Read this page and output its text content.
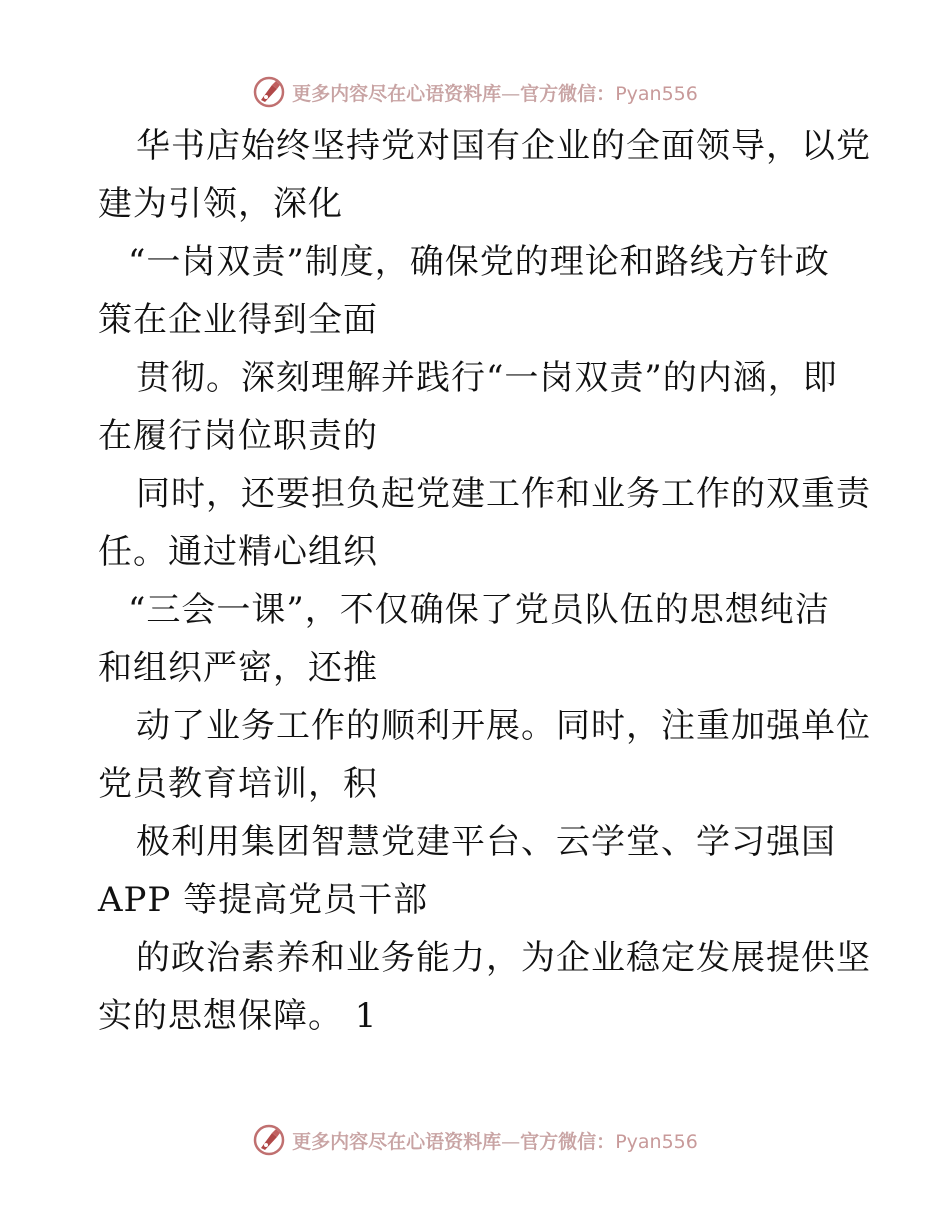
更多内容尽在心语资料库—官方微信：Pyan556
华书店始终坚持党对国有企业的全面领导，以党
建为引领，深化
“一岗双责”制度，确保党的理论和路线方针政
策在企业得到全面
贯彻。深刻理解并践行“一岗双责”的内涵，即
在履行岗位职责的
同时，还要担负起党建工作和业务工作的双重责
任。通过精心组织
“三会一课”，不仅确保了党员队伍的思想纯洁
和组织严密，还推
动了业务工作的顺利开展。同时，注重加强单位
党员教育培训，积
极利用集团智慧党建平台、云学堂、学习强国
APP 等提高党员干部
的政治素养和业务能力，为企业稳定发展提供坚
实的思想保障。 1
更多内容尽在心语资料库—官方微信：Pyan556
